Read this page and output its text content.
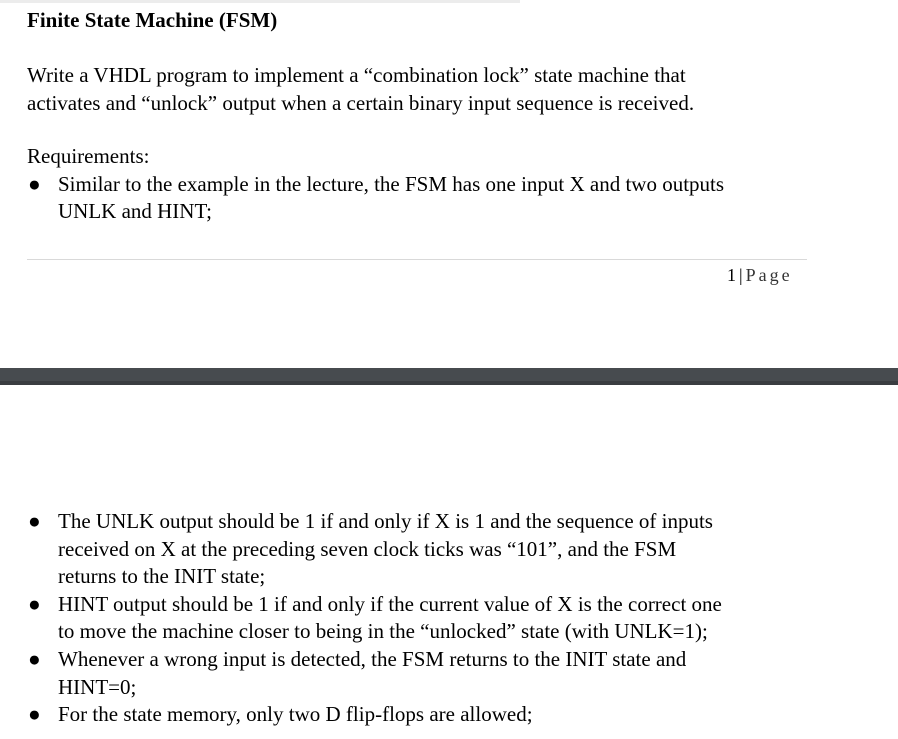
Finite State Machine (FSM)

Write a VHDL program to implement a “combination lock” state machine that

activates and “unlock” output when a certain binary input sequence is received.

Requirements:

● Similar to the example in the lecture, the FSM has one input X and two outputs
UNLK and HINT;
1 | Page
● The UNLK output should be 1 if and only if X is 1 and the sequence of inputs
received on X at the preceding seven clock ticks was “101”, and the FSM
returns to the INIT state;
● HINT output should be 1 if and only if the current value of X is the correct one
to move the machine closer to being in the “unlocked” state (with UNLK=1);
● Whenever a wrong input is detected, the FSM returns to the INIT state and
HINT=0;
● For the state memory, only two D flip-flops are allowed;
